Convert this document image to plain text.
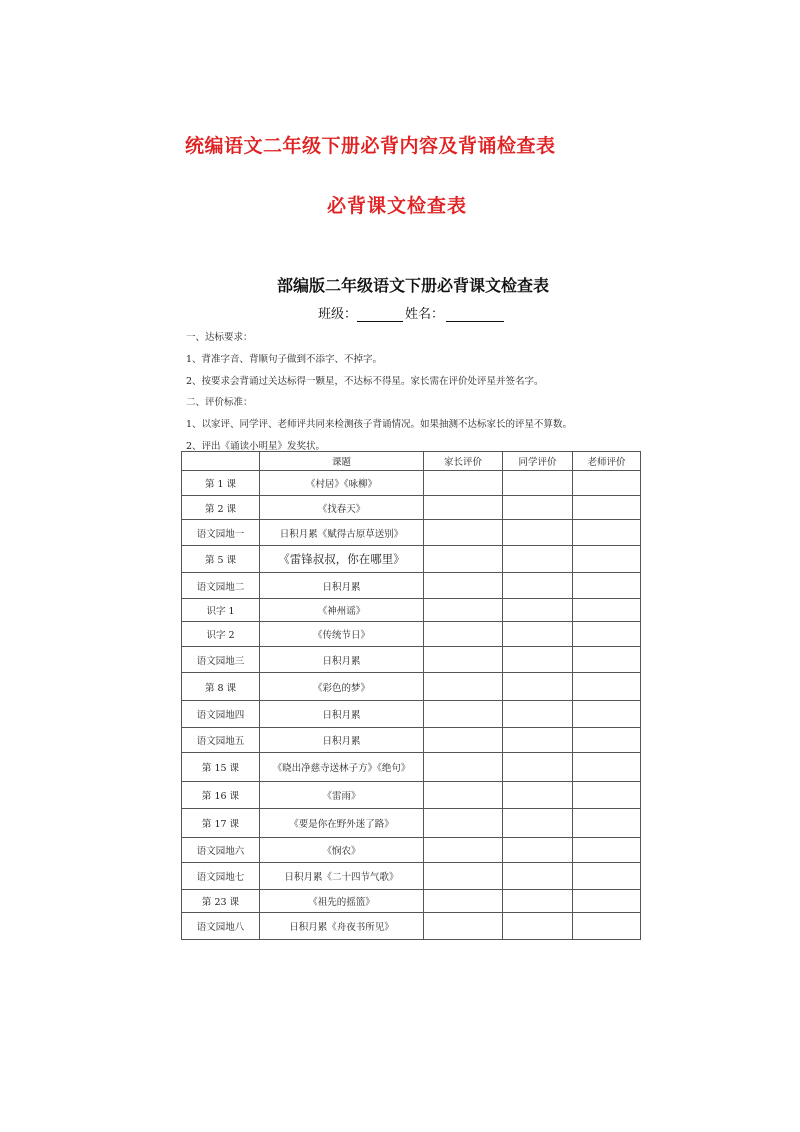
统编语文二年级下册必背内容及背诵检查表
必背课文检查表
部编版二年级语文下册必背课文检查表
班级：	姓名：

一、达标要求：

1、背准字音、背顺句子做到不添字、不掉字。

2、按要求会背诵过关达标得一颗星，不达标不得星。家长需在评价处评星并签名字。

二、评价标准：

1、以家评、同学评、老师评共同来检测孩子背诵情况。如果抽测不达标家长的评星不算数。

2、评出《诵读小明星》发奖状。

	课题	家长评价	同学评价	老师评价
第 1 课	《村居》《咏柳》			
第 2 课	《找春天》			
语文园地一	日积月累《赋得古原草送别》			
第 5 课	《雷锋叔叔，你在哪里》			
语文园地二	日积月累			
识字 1	《神州谣》			
识字 2	《传统节日》			
语文园地三	日积月累			
第 8 课	《彩色的梦》			
语文园地四	日积月累			
语文园地五	日积月累			
第 15 课	《晓出净慈寺送林子方》《绝句》			
第 16 课	《雷雨》			
第 17 课	《要是你在野外迷了路》			
语文园地六	《悯农》			
语文园地七	日积月累《二十四节气歌》			
第 23 课	《祖先的摇篮》			
语文园地八	日积月累《舟夜书所见》			
